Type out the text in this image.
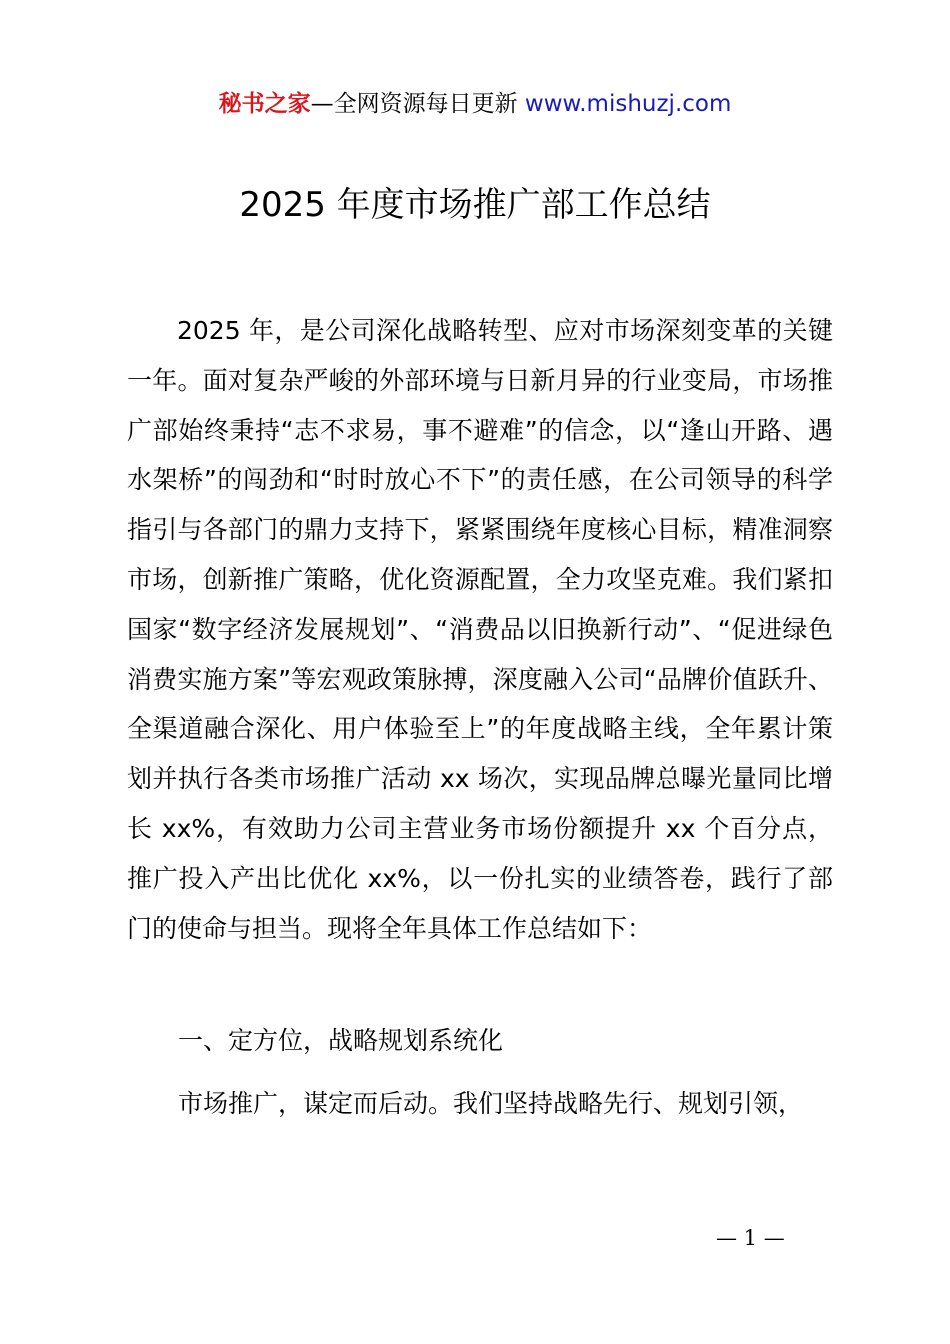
秘书之家—全网资源每日更新 www.mishuzj.com
2025 年度市场推广部工作总结

2025 年，是公司深化战略转型、应对市场深刻变革的关键一年。面对复杂严峻的外部环境与日新月异的行业变局，市场推广部始终秉持“志不求易，事不避难”的信念，以“逢山开路、遇水架桥”的闯劲和“时时放心不下”的责任感，在公司领导的科学指引与各部门的鼎力支持下，紧紧围绕年度核心目标，精准洞察市场，创新推广策略，优化资源配置，全力攻坚克难。我们紧扣国家“数字经济发展规划”、“消费品以旧换新行动”、“促进绿色消费实施方案”等宏观政策脉搏，深度融入公司“品牌价值跃升、全渠道融合深化、用户体验至上”的年度战略主线，全年累计策划并执行各类市场推广活动 xx 场次，实现品牌总曝光量同比增长 xx%，有效助力公司主营业务市场份额提升 xx 个百分点，推广投入产出比优化 xx%，以一份扎实的业绩答卷，践行了部门的使命与担当。现将全年具体工作总结如下：

一、定方位，战略规划系统化
市场推广，谋定而后动。我们坚持战略先行、规划引领，
— 1 —
